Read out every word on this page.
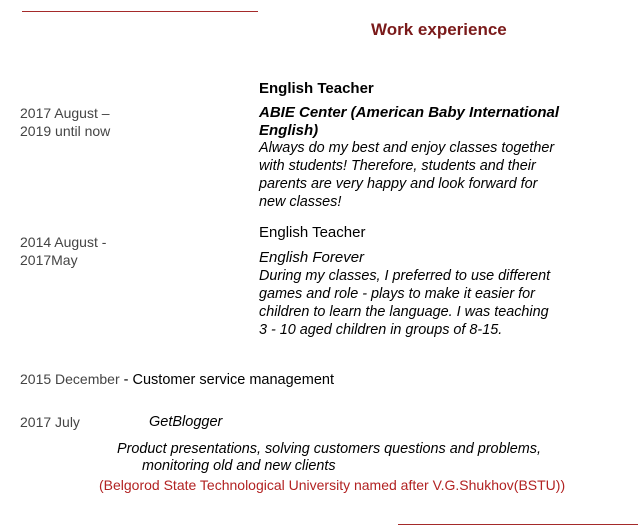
Work experience
English Teacher
2017 August –
2019 until now
ABIE Center (American Baby International
English)
Always do my best and enjoy classes together
with students! Therefore, students and their
parents are very happy and look forward for
new classes!
English Teacher
2014 August -
2017May	English Forever
During my classes, I preferred to use different
games and role - plays to make it easier for
children to learn the language. I was teaching
3 - 10 aged children in groups of 8-15.
2015 December - Customer service management
2017 July	GetBlogger
Product presentations, solving customers questions and problems,
monitoring old and new clients
(Belgorod State Technological University named after V.G.Shukhov(BSTU))
